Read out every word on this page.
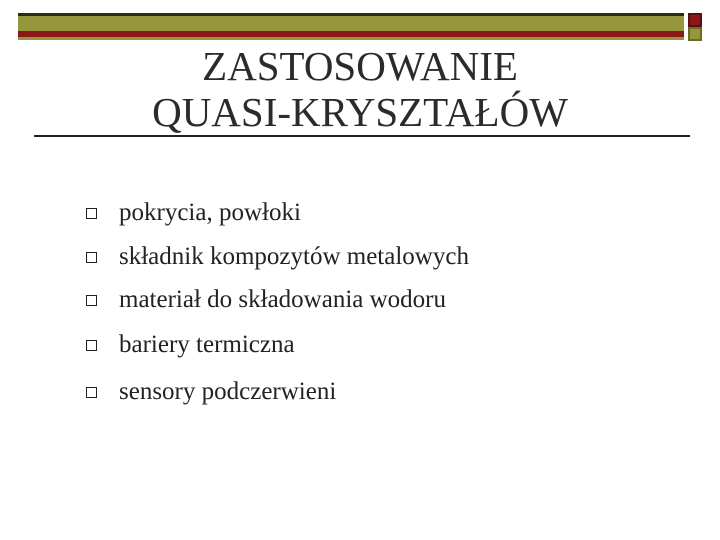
ZASTOSOWANIE
QUASI-KRYSZTAŁÓW
pokrycia, powłoki
składnik kompozytów metalowych
materiał do składowania wodoru
bariery termiczna
sensory podczerwieni
